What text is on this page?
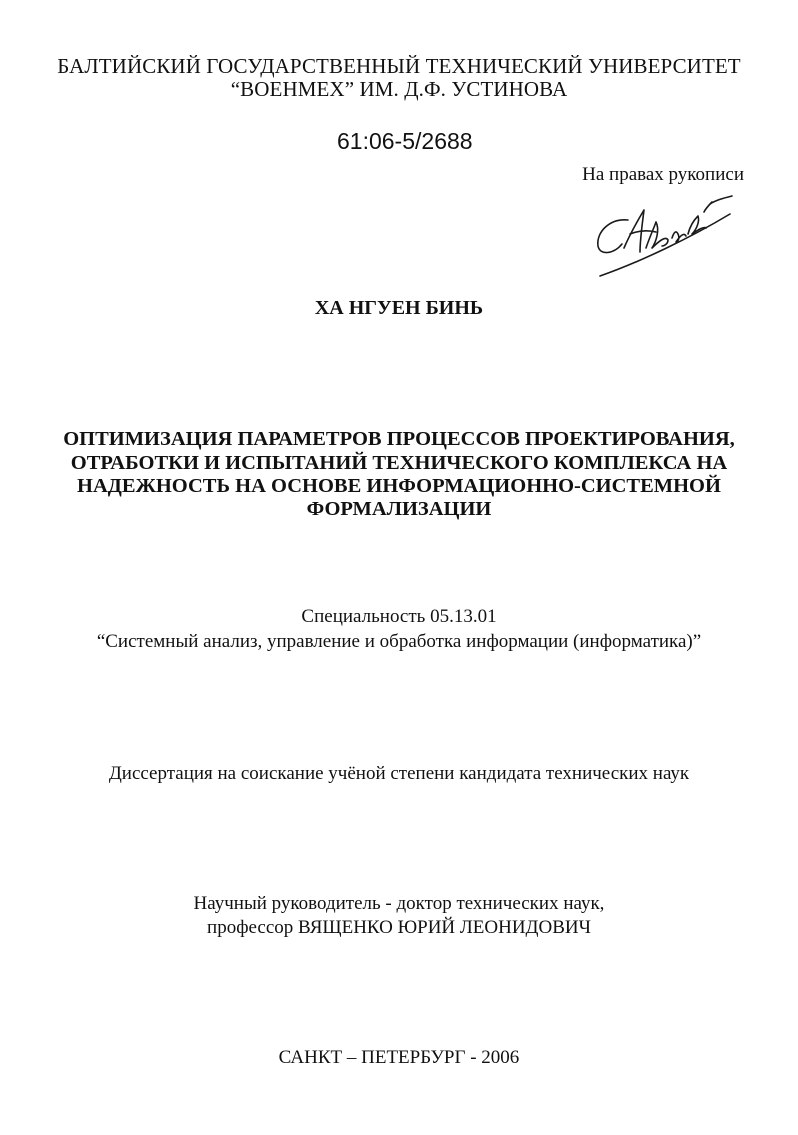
БАЛТИЙСКИЙ ГОСУДАРСТВЕННЫЙ ТЕХНИЧЕСКИЙ УНИВЕРСИТЕТ
“ВОЕНМЕХ” ИМ. Д.Ф. УСТИНОВА
61:06-5/2688
На правах рукописи
ХА НГУЕН БИНЬ
ОПТИМИЗАЦИЯ ПАРАМЕТРОВ ПРОЦЕССОВ ПРОЕКТИРОВАНИЯ,
ОТРАБОТКИ И ИСПЫТАНИЙ ТЕХНИЧЕСКОГО КОМПЛЕКСА НА
НАДЕЖНОСТЬ НА ОСНОВЕ ИНФОРМАЦИОННО-СИСТЕМНОЙ
ФОРМАЛИЗАЦИИ
Специальность 05.13.01
“Системный анализ, управление и обработка информации (информатика)”
Диссертация на соискание учёной степени кандидата технических наук
Научный руководитель - доктор технических наук,
профессор ВЯЩЕНКО ЮРИЙ ЛЕОНИДОВИЧ
САНКТ – ПЕТЕРБУРГ - 2006
